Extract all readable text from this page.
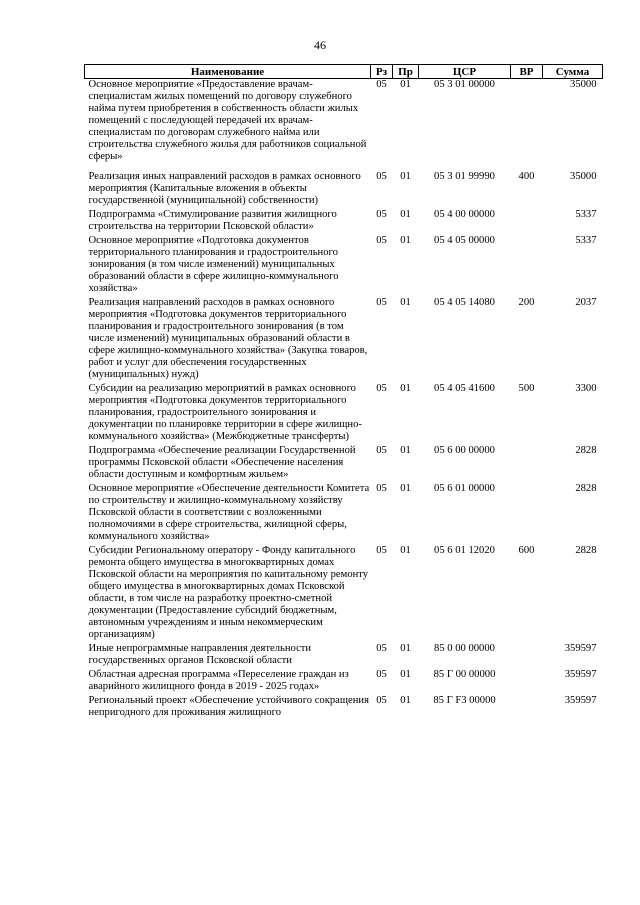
46
Наименование	Рз	Пр	ЦСР	ВР	Сумма
Основное мероприятие «Предоставление врачам-специалистам жилых помещений по договору служебного найма путем приобретения в собственность области жилых помещений с последующей передачей их врачам-специалистам по договорам служебного найма или строительства служебного жилья для работников социальной сферы»	05	01	05 3 01 00000		35000
Реализация иных направлений расходов в рамках основного мероприятия (Капитальные вложения в объекты государственной (муниципальной) собственности)	05	01	05 3 01 99990	400	35000
Подпрограмма «Стимулирование развития жилищного строительства на территории Псковской области»	05	01	05 4 00 00000		5337
Основное мероприятие «Подготовка документов территориального планирования и градостроительного зонирования (в том числе изменений) муниципальных образований области в сфере жилищно-коммунального хозяйства»	05	01	05 4 05 00000		5337
Реализация направлений расходов в рамках основного мероприятия «Подготовка документов территориального планирования и градостроительного зонирования (в том числе изменений) муниципальных образований области в сфере жилищно-коммунального хозяйства» (Закупка товаров, работ и услуг для обеспечения государственных (муниципальных) нужд)	05	01	05 4 05 14080	200	2037
Субсидии на реализацию мероприятий в рамках основного мероприятия «Подготовка документов территориального планирования, градостроительного зонирования и документации по планировке территории в сфере жилищно-коммунального хозяйства» (Межбюджетные трансферты)	05	01	05 4 05 41600	500	3300
Подпрограмма «Обеспечение реализации Государственной программы Псковской области «Обеспечение населения области доступным и комфортным жильем»	05	01	05 6 00 00000		2828
Основное мероприятие «Обеспечение деятельности Комитета по строительству и жилищно-коммунальному хозяйству Псковской области в соответствии с возложенными полномочиями в сфере строительства, жилищной сферы, коммунального хозяйства»	05	01	05 6 01 00000		2828
Субсидии Региональному оператору - Фонду капитального ремонта общего имущества в многоквартирных домах Псковской области на мероприятия по капитальному ремонту общего имущества в многоквартирных домах Псковской области, в том числе на разработку проектно-сметной документации (Предоставление субсидий бюджетным, автономным учреждениям и иным некоммерческим организациям)	05	01	05 6 01 12020	600	2828
Иные непрограммные направления деятельности государственных органов Псковской области	05	01	85 0 00 00000		359597
Областная адресная программа «Переселение граждан из аварийного жилищного фонда в 2019 - 2025 годах»	05	01	85 Г 00 00000		359597
Региональный проект «Обеспечение устойчивого сокращения непригодного для проживания жилищного	05	01	85 Г F3 00000		359597
